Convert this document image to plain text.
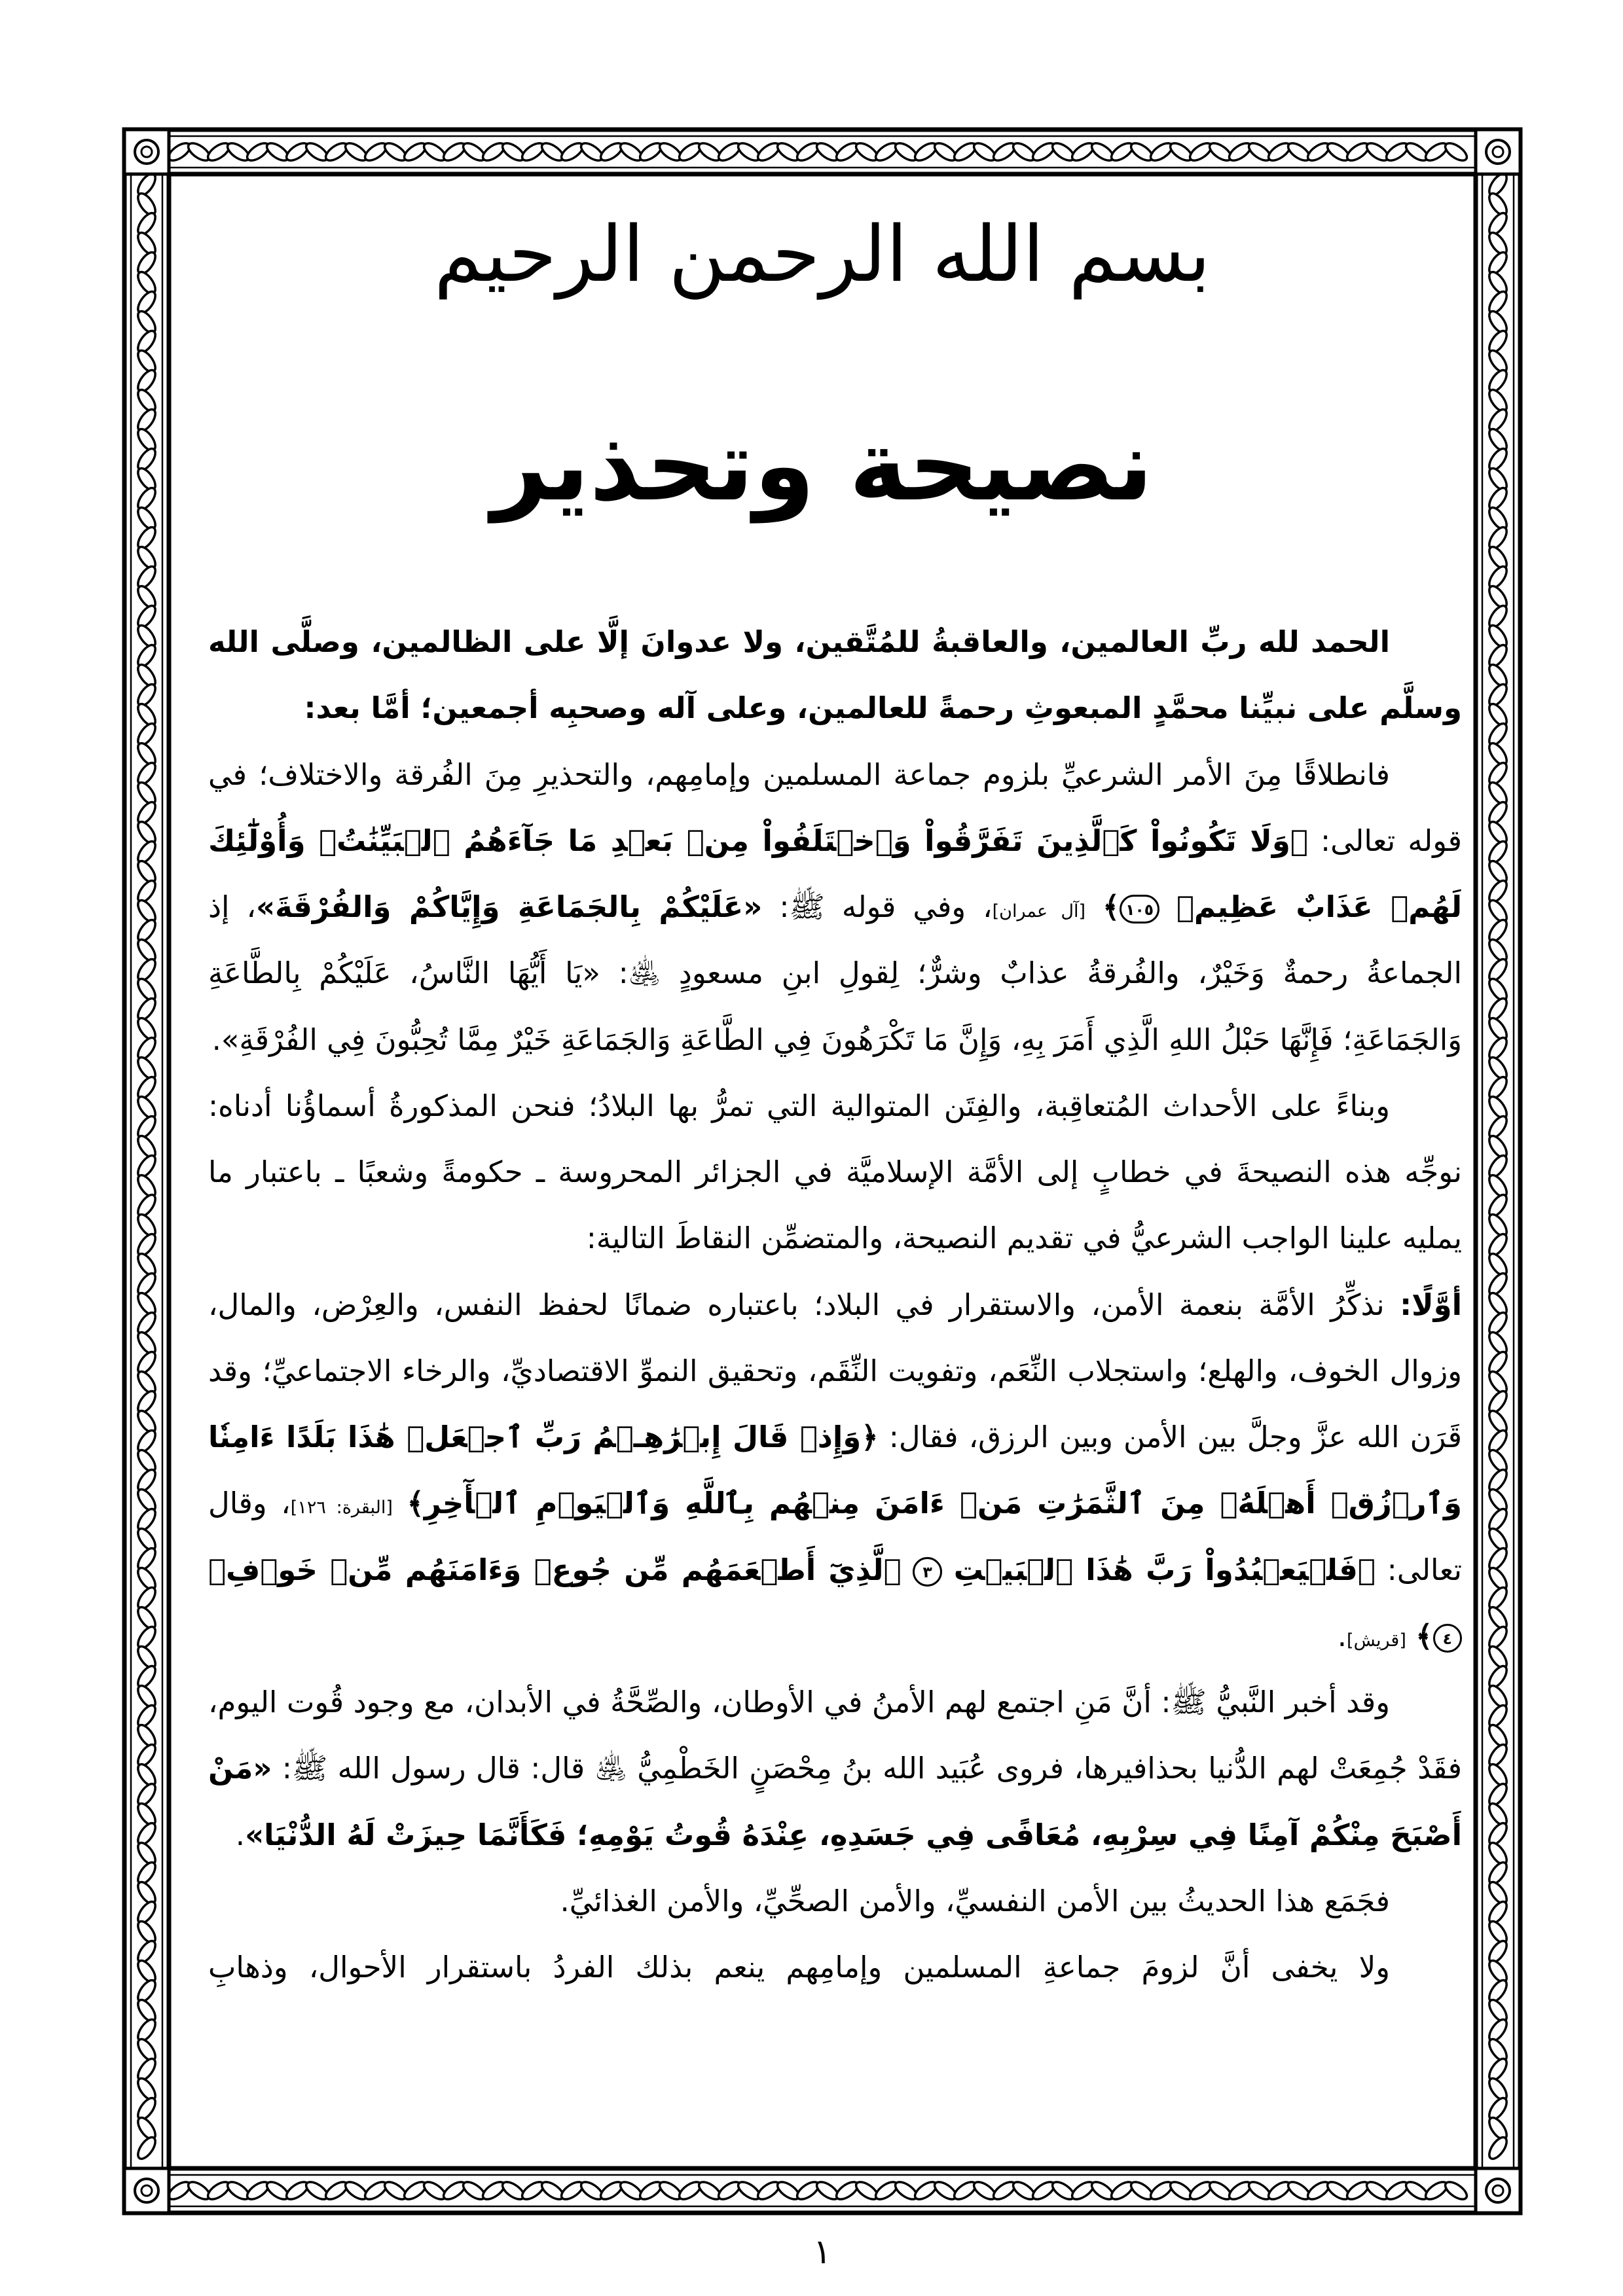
بسم الله الرحمن الرحيم
نصيحة وتحذير

الحمد لله ربِّ العالمين، والعاقبةُ للمُتَّقين، ولا عدوانَ إلَّا على الظالمين، وصلَّى الله وسلَّم على نبيِّنا محمَّدٍ المبعوثِ رحمةً للعالمين، وعلى آله وصحبِه أجمعين؛ أمَّا بعد:

فانطلاقًا مِنَ الأمر الشرعيِّ بلزوم جماعة المسلمين وإمامِهم، والتحذيرِ مِنَ الفُرقة والاختلاف؛ في قوله تعالى: ﴿وَلَا تَكُونُواْ كَٱلَّذِينَ تَفَرَّقُواْ وَٱخۡتَلَفُواْ مِنۢ بَعۡدِ مَا جَآءَهُمُ ٱلۡبَيِّنَٰتُۚ وَأُوْلَٰٓئِكَ لَهُمۡ عَذَابٌ عَظِيمٞ ١٠٥﴾ [آل عمران]، وفي قوله ﷺ: «عَلَيْكُمْ بِالجَمَاعَةِ وَإِيَّاكُمْ وَالفُرْقَةَ»، إذ الجماعةُ رحمةٌ وَخَيْرٌ، والفُرقةُ عذابٌ وشرٌّ؛ لِقولِ ابنِ مسعودٍ ﵁: «يَا أَيُّهَا النَّاسُ، عَلَيْكُمْ بِالطَّاعَةِ وَالجَمَاعَةِ؛ فَإِنَّهَا حَبْلُ اللهِ الَّذِي أَمَرَ بِهِ، وَإِنَّ مَا تَكْرَهُونَ فِي الطَّاعَةِ وَالجَمَاعَةِ خَيْرٌ مِمَّا تُحِبُّونَ فِي الفُرْقَةِ».

وبناءً على الأحداث المُتعاقِبة، والفِتَن المتوالية التي تمرُّ بها البلادُ؛ فنحن المذكورةُ أسماؤُنا أدناه: نوجِّه هذه النصيحةَ في خطابٍ إلى الأمَّة الإسلاميَّة في الجزائر المحروسة ـ حكومةً وشعبًا ـ باعتبار ما يمليه علينا الواجب الشرعيُّ في تقديم النصيحة، والمتضمِّن النقاطَ التالية:

أوَّلًا: نذكِّرُ الأمَّة بنعمة الأمن، والاستقرار في البلاد؛ باعتباره ضمانًا لحفظ النفس، والعِرْض، والمال، وزوال الخوف، والهلع؛ واستجلاب النِّعَم، وتفويت النِّقَم، وتحقيق النموِّ الاقتصاديِّ، والرخاء الاجتماعيِّ؛ وقد قَرَن الله عزَّ وجلَّ بين الأمن وبين الرزق، فقال: ﴿وَإِذۡ قَالَ إِبۡرَٰهِـۧمُ رَبِّ ٱجۡعَلۡ هَٰذَا بَلَدًا ءَامِنٗا وَٱرۡزُقۡ أَهۡلَهُۥ مِنَ ٱلثَّمَرَٰتِ مَنۡ ءَامَنَ مِنۡهُم بِٱللَّهِ وَٱلۡيَوۡمِ ٱلۡأٓخِرِ﴾ [البقرة: ١٢٦]، وقال تعالى: ﴿فَلۡيَعۡبُدُواْ رَبَّ هَٰذَا ٱلۡبَيۡتِ ٣ ٱلَّذِيٓ أَطۡعَمَهُم مِّن جُوعٖ وَءَامَنَهُم مِّنۡ خَوۡفِۭ ٤﴾ [قريش].

وقد أخبر النَّبيُّ ﷺ: أنَّ مَنِ اجتمع لهم الأمنُ في الأوطان، والصِّحَّةُ في الأبدان، مع وجود قُوت اليوم، فقَدْ جُمِعَتْ لهم الدُّنيا بحذافيرها، فروى عُبَيد الله بنُ مِحْصَنٍ الخَطْمِيُّ ﵁ قال: قال رسول الله ﷺ: «مَنْ أَصْبَحَ مِنْكُمْ آمِنًا فِي سِرْبِهِ، مُعَافًى فِي جَسَدِهِ، عِنْدَهُ قُوتُ يَوْمِهِ؛ فَكَأَنَّمَا حِيزَتْ لَهُ الدُّنْيَا».

فجَمَع هذا الحديثُ بين الأمن النفسيِّ، والأمن الصحِّيِّ، والأمن الغذائيِّ.

ولا يخفى أنَّ لزومَ جماعةِ المسلمين وإمامِهم ينعم بذلك الفردُ باستقرار الأحوال، وذهابِ

١
